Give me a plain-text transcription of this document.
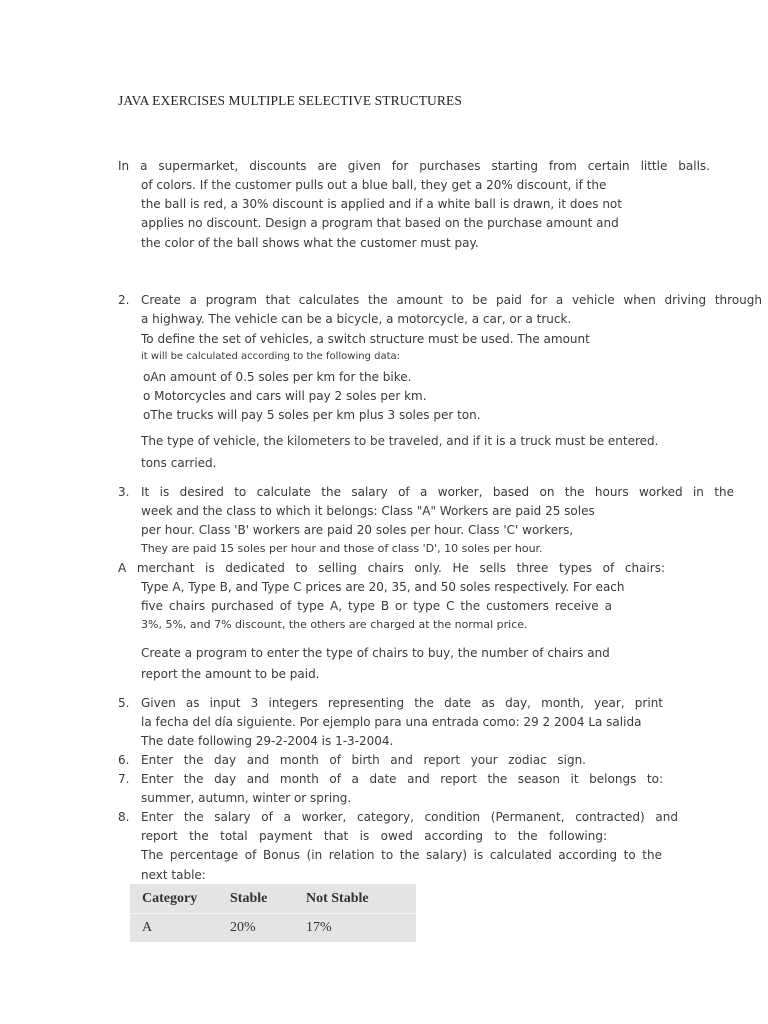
JAVA EXERCISES MULTIPLE SELECTIVE STRUCTURES
In a supermarket, discounts are given for purchases starting from certain little balls.
of colors. If the customer pulls out a blue ball, they get a 20% discount, if the
the ball is red, a 30% discount is applied and if a white ball is drawn, it does not
applies no discount. Design a program that based on the purchase amount and
the color of the ball shows what the customer must pay.
2. Create a program that calculates the amount to be paid for a vehicle when driving through
a highway. The vehicle can be a bicycle, a motorcycle, a car, or a truck.
To define the set of vehicles, a switch structure must be used. The amount
it will be calculated according to the following data:
oAn amount of 0.5 soles per km for the bike.
o Motorcycles and cars will pay 2 soles per km.
oThe trucks will pay 5 soles per km plus 3 soles per ton.
The type of vehicle, the kilometers to be traveled, and if it is a truck must be entered.
tons carried.
3. It is desired to calculate the salary of a worker, based on the hours worked in the
week and the class to which it belongs: Class "A" Workers are paid 25 soles
per hour. Class 'B' workers are paid 20 soles per hour. Class 'C' workers,
They are paid 15 soles per hour and those of class 'D', 10 soles per hour.
A merchant is dedicated to selling chairs only. He sells three types of chairs:
Type A, Type B, and Type C prices are 20, 35, and 50 soles respectively. For each
five chairs purchased of type A, type B or type C the customers receive a
3%, 5%, and 7% discount, the others are charged at the normal price.
Create a program to enter the type of chairs to buy, the number of chairs and
report the amount to be paid.
5. Given as input 3 integers representing the date as day, month, year, print
la fecha del día siguiente. Por ejemplo para una entrada como: 29 2 2004 La salida
The date following 29-2-2004 is 1-3-2004.
6. Enter the day and month of birth and report your zodiac sign.
7. Enter the day and month of a date and report the season it belongs to:
summer, autumn, winter or spring.
8. Enter the salary of a worker, category, condition (Permanent, contracted) and
report the total payment that is owed according to the following:
The percentage of Bonus (in relation to the salary) is calculated according to the
next table:
Category	Stable	Not Stable
A	20%	17%
